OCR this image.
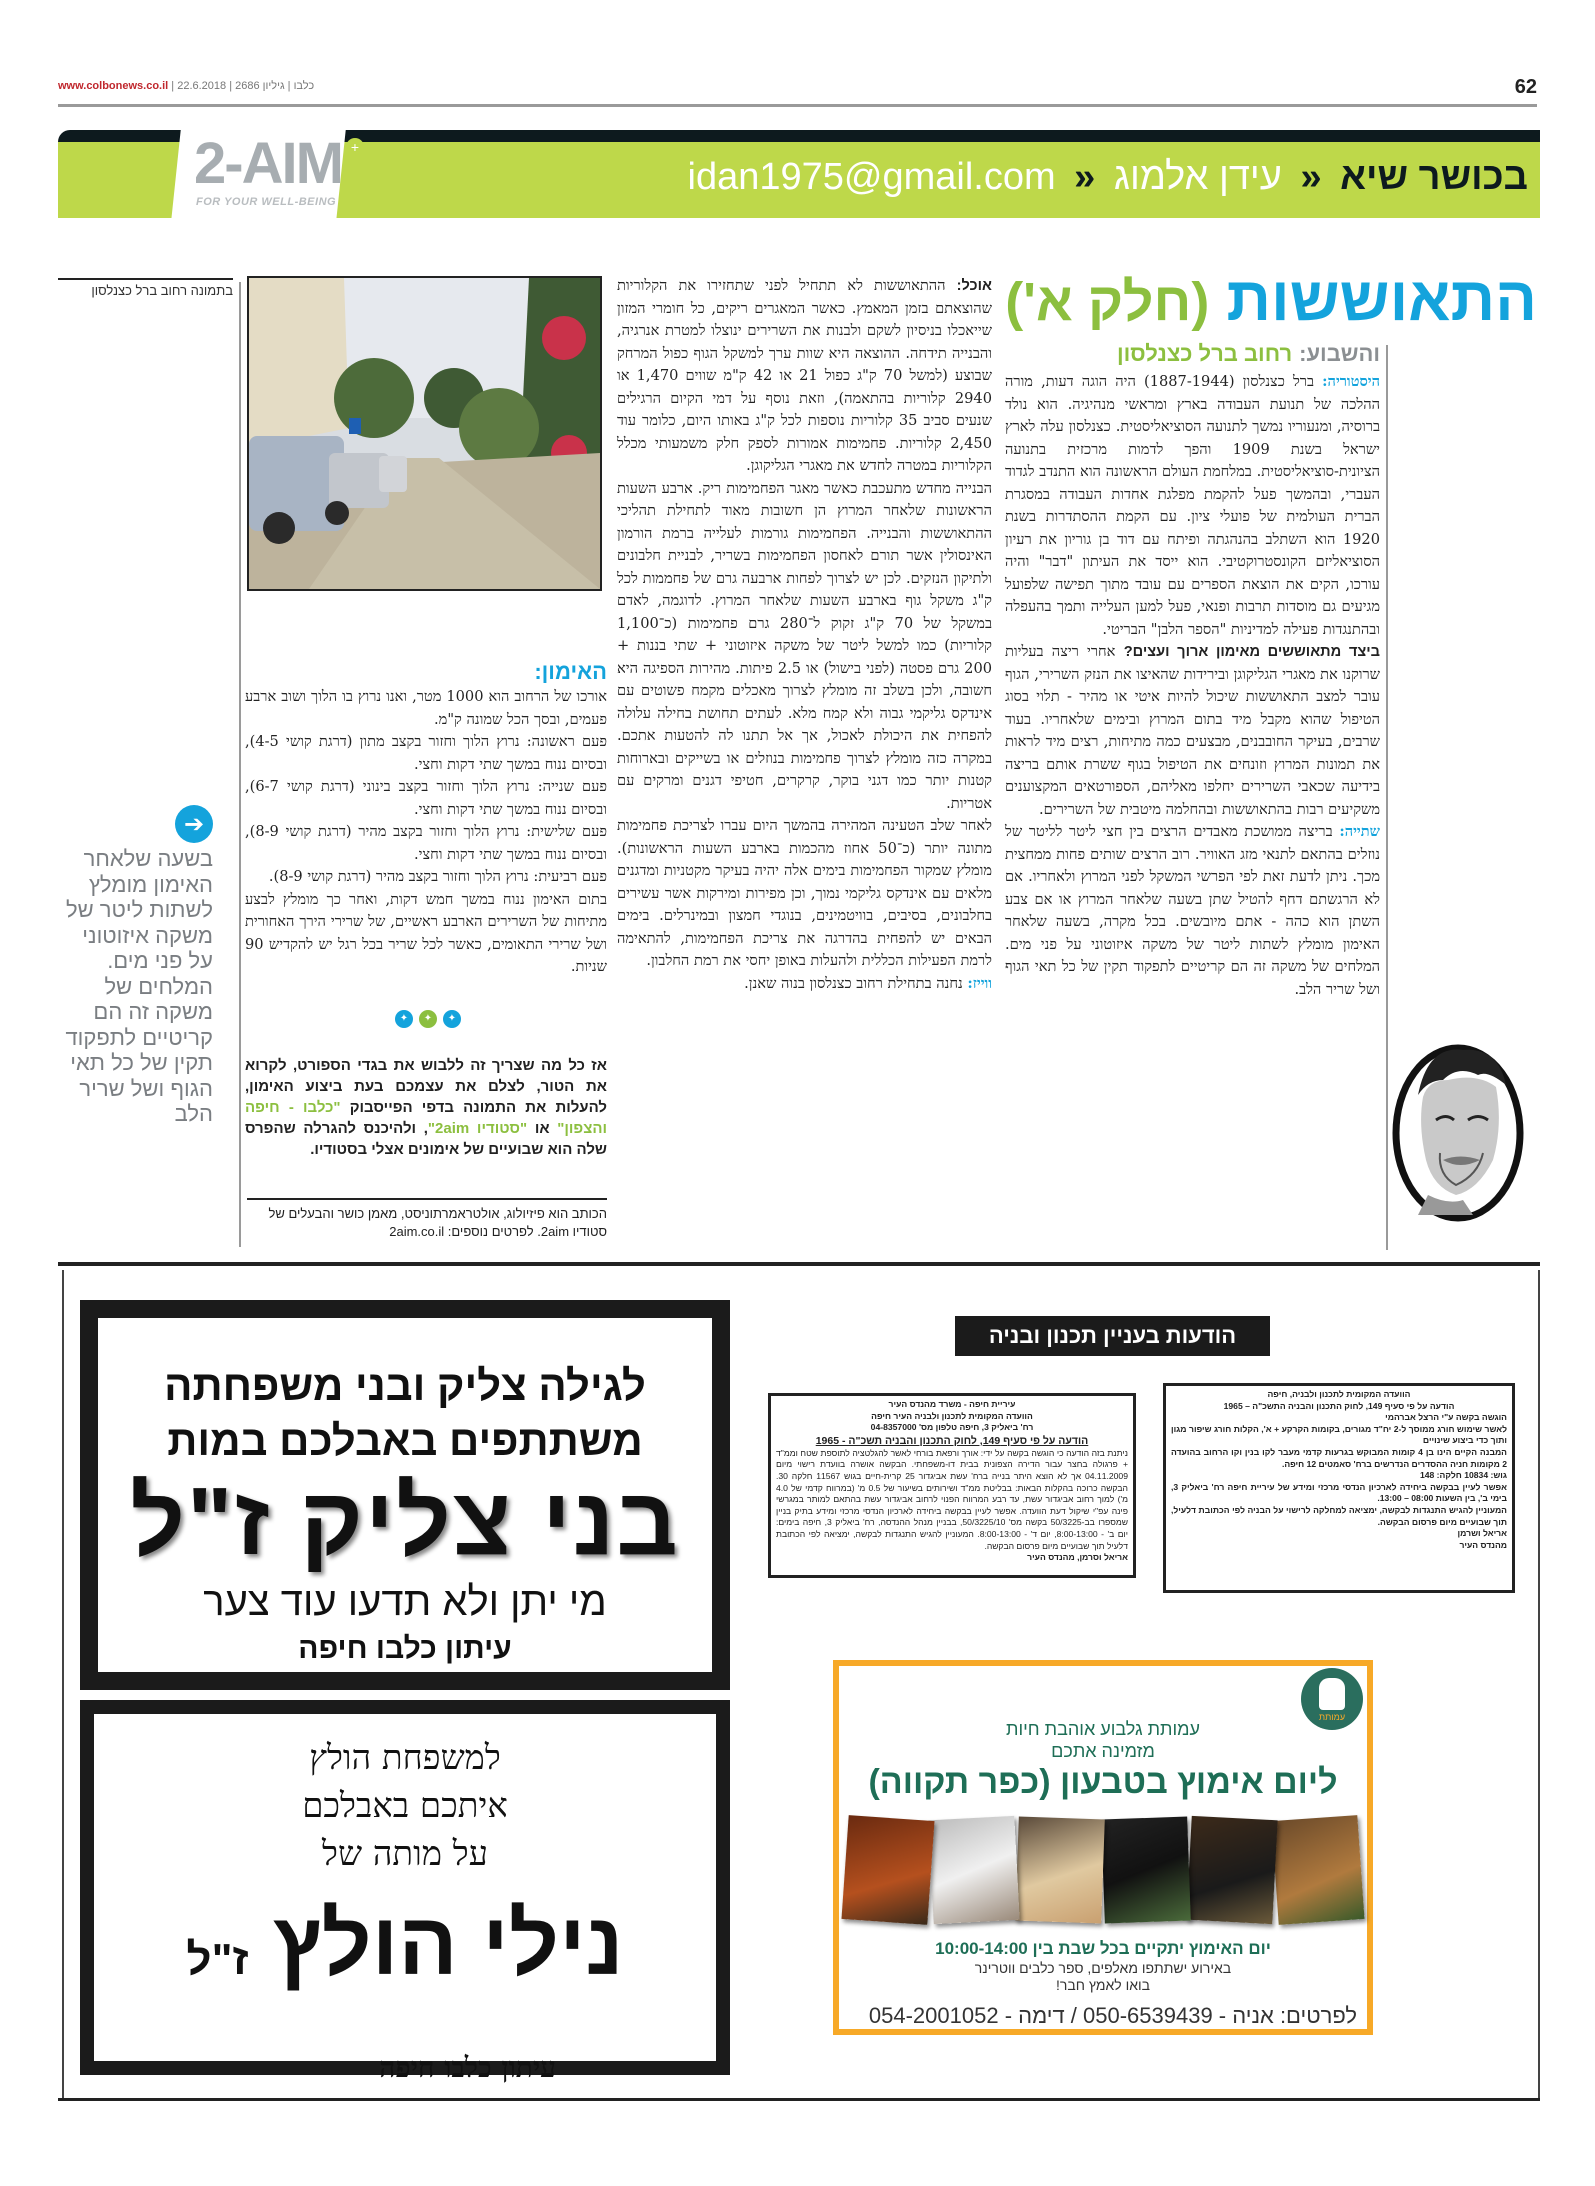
www.colbonews.co.il |	כלבו | גיליון 2686 | 22.6.2018	62
2-AIM +
FOR YOUR WELL-BEING
בכושר שיא « עידן אלמוג « idan1975@gmail.com
התאוששות (חלק א')
והשבוע: רחוב ברל כצנלסון

היסטוריה: ברל כצנלסון (1887-1944) היה הוגה דעות, מורה ההלכה של תנועת העבודה בארץ ומראשי מנהיגיה. הוא נולד ברוסיה, ומנעוריו נמשך לתנועה הסוציאליסטית. כצנלסון עלה לארץ ישראל בשנת 1909 והפך לדמות מרכזית בתנועה הציונית-סוציאליסטית. במלחמת העולם הראשונה הוא התנדב לגדוד העברי, ובהמשך פעל להקמת מפלגת אחדות העבודה במסגרת הברית העולמית של פועלי ציון. עם הקמת ההסתדרות בשנת 1920 הוא השתלב בהנהגתה ופיתח עם דוד בן גוריון את רעיון הסוציאליזם הקונסטרוקטיבי. הוא ייסד את העיתון "דבר" והיה עורכו, הקים את הוצאת הספרים עם עובד מתוך תפישה שלפועל מגיעים גם מוסדות תרבות ופנאי, פעל למען העלייה ותמך בהעפלה ובהתנגדות פעילה למדיניות "הספר הלבן" הבריטי.

ביצד מתאוששים מאימון ארוך ועצים? אחרי ריצה בעליות שרוקנו את מאגרי הגליקוגן ובירידות שהאיצו את הנזק השרירי, הגוף עובר למצב התאוששות שיכול להיות איטי או מהיר - תלוי בסוג הטיפול שהוא מקבל מיד בתום המרוץ ובימים שלאחריו. בעוד שרבים, בעיקר החובבנים, מבצעים כמה מתיחות, רצים מיד לראות את תמונות המרוץ וזונחים את הטיפול בגוף ששרת אותם בריצה בידיעה שכאבי השרירים יחלפו מאליהם, הספורטאים המקצוענים משקיעים רבות בהתאוששות ובהחלמה מיטבית של השרירים.

שתייה: בריצה ממושכת מאבדים הרצים בין חצי ליטר לליטר של נוזלים בהתאם לתנאי מזג האוויר. רוב הרצים שותים פחות ממחצית מכך. ניתן לדעת זאת לפי הפרשי המשקל לפני המרוץ ולאחריו. אם לא הרגשתם דחף להטיל שתן בשעה שלאחר המרוץ או אם צבע השתן הוא כהה - אתם מיובשים. בכל מקרה, בשעה שלאחר האימון מומלץ לשתות ליטר של משקה איזוטוני על פני מים. המלחים של משקה זה הם קריטיים לתפקוד תקין של כל תאי הגוף ושל שריר הלב.

אוכל: ההתאוששות לא תתחיל לפני שתחזירו את הקלוריות שהוצאתם בזמן המאמץ. כאשר המאגרים ריקים, כל חומרי המזון שייאכלו בניסיון לשקם ולבנות את השרירים ינוצלו למטרת אנרגיה, והבנייה תידחה. ההוצאה היא שוות ערך למשקל הגוף כפול המרחק שבוצע (למשל 70 ק"ג כפול 21 או 42 ק"מ שווים 1,470 או 2940 קלוריות בהתאמה), וזאת נוסף על דמי הקיום הרגילים שנעים סביב 35 קלוריות נוספות לכל ק"ג באותו היום, כלומר עוד 2,450 קלוריות. פחמימות אמורות לספק חלק משמעותי מכלל הקלוריות במטרה לחדש את מאגרי הגליקוגן.

הבנייה מחדש מתעכבת כאשר מאגר הפחמימות ריק. ארבע השעות הראשונות שלאחר המרוץ הן חשובות מאוד לתחילת תהליכי ההתאוששות והבנייה. הפחמימות גורמות לעלייה ברמת הורמון האינסולין אשר תורם לאחסון הפחמימות בשריר, לבניית חלבונים ולתיקון הנזקים. לכן יש לצרוך לפחות ארבעה גרם של פחממות לכל ק"ג משקל גוף בארבע השעות שלאחר המרוץ. לדוגמה, לאדם במשקל של 70 ק"ג זקוק ל־280 גרם פחמימות (כ־1,100 קלוריות) כמו למשל ליטר של משקה איזוטוני + שתי בננות + 200 גרם פסטה (לפני בישול) או 2.5 פיתות. מהירות הספיגה היא חשובה, ולכן בשלב זה מומלץ לצרוך מאכלים מקמח פשוטים עם אינדקס גליקמי גבוה ולא קמח מלא. לעתים תחושת בחילה עלולה להפחית את היכולת לאכול, אך אל תתנו לה להטעות אתכם. במקרה כזה מומלץ לצרוך פחמימות בנוזלים או בשייקים ובארוחות קטנות יותר כמו דגני בוקר, קרקרים, חטיפי דגנים ומרקים עם אטריות.

לאחר שלב הטעינה המהירה בהמשך היום עברו לצריכת פחמימות מתונה יותר (כ־50 אחוז מהכמות בארבע השעות הראשונות). מומלץ שמקור הפחמימות בימים אלה יהיה בעיקר מקטניות ומדגנים מלאים עם אינדקס גליקמי נמוך, וכן מפירות ומירקות אשר עשירים בחלבונים, בסיבים, בוויטמינים, בנוגדי חמצון ובמינרלים. בימים הבאים יש להפחית בהדרגה את צריכת הפחמימות, להתאימה לרמת הפעילות הכללית ולהעלות באופן יחסי את רמת החלבון.

ווייז: נחנה בתחילת רחוב כצנלסון בנוה שאנן.

בתמונה רחוב ברל כצנלסון
האימון:

אורכו של הרחוב הוא 1000 מטר, ואנו נרוץ בו הלוך ושוב ארבע פעמים, ובסך הכל שמונה ק"מ.

פעם ראשונה: נרוץ הלוך וחזור בקצב מתון (דרגת קושי 4-5), ובסיום ננוח במשך שתי דקות וחצי.

פעם שנייה: נרוץ הלוך וחזור בקצב בינוני (דרגת קושי 6-7), ובסיום ננוח במשך שתי דקות וחצי.

פעם שלישית: נרוץ הלוך וחזור בקצב מהיר (דרגת קושי 8-9), ובסיום ננוח במשך שתי דקות וחצי.

פעם רביעית: נרוץ הלוך וחזור בקצב מהיר (דרגת קושי 8-9).

בתום האימון ננוח במשך חמש דקות, ואחר כך מומלץ לבצע מתיחות של השרירים הארבע ראשיים, של שרירי הירך האחורית ושל שרירי התאומים, כאשר לכל שריר בכל רגל יש להקדיש 90 שניות.

✦	✦	✦
אז כל מה שצריך זה ללבוש את בגדי הספורט, לקרוא את הטור, לצלם את עצמכם בעת ביצוע האימון, להעלות את התמונה בדפי הפייסבוק "כלבו - חיפה והצפון" או "סטודיו 2aim", ולהיכנס להגרלה שהפרס שלה הוא שבועיים של אימונים אצלי בסטודיו.
הכותב הוא פיזיולוג, אולטראמרתוניסט, מאמן כושר והבעלים של סטודיו 2aim. לפרטים נוספים: 2aim.co.il
➔
בשעה שלאחר האימון מומלץ לשתות ליטר של משקה איזוטוני על פני מים. המלחים של משקה זה הם קריטיים לתפקוד תקין של כל תאי הגוף ושל שריר הלב
לגילה צליק ובני משפחתה
משתתפים באבלכם במות
בני צליק ז"ל
מי יתן ולא תדעו עוד צער
עיתון כלבו חיפה
למשפחת הולץ
איתכם באבלכם
על מותה של
נילי הולץ ז"ל
עיתון כלבו חיפה
הודעות בעניין תכנון ובניה
הוועדה המקומית לתכנון ולבניה, חיפה
הודעה על פי סעיף 149, לחוק התכנון והבניה התשכ"ה – 1965
הוגשה בקשה ע"י הרצל אברהמי
לאשר שימוש חורג ממוסך ל-2 יח"ד מגורים, בקומות הקרקע + א', הקלות חורג שיפור מגון ותוך כדי ביצוע שינויים
המבנה הקיים הינו בן 4 קומות המבוקש בגרעות קדמי מעבר לקו בנין וקו הרחוב בהועדה 2 מקומות חניה ההסדרים הנדרשים ברח' סאמטים 12 חיפה.
גוש: 10834 חלקה: 148
אפשר לעיין בבקשה ביחידה לארכיון הנדסי מרכזי ומידע של עיריית חיפה רח' ביאליק 3, בימי ב', בין השעות 08:00 – 13:00.
המעוניין להגיש התנגדות לבקשה, ימציאה למחלקה לרישוי על הבניה לפי הכתובת דלעיל, תוך שבועיים מיום פרסום הבקשה.
אריאל ושרמן
מהנדס העיר
עיריית חיפה - משרד מהנדס העיר
הוועדה המקומית לתכנון ולבניה העיר חיפה
רח' ביאליק 3, חיפה טלפון מס' 04-8357000
הודעה על פי סעיף 149, לחוק התכנון והבניה תשכ"ה - 1965
ניתנת בזה הודעה כי הוגשה בקשה על ידי: אורך ורפאת בורחי לאשר להגלטציה לתוספת שטח וממ"ד + פרגולה בחצר עבור הדירה הצפונית בבית דו-משפחתי. הבקשה אושרה בוועדת רישוי מיום 04.11.2009 אך לא הוצא היתר בנייה ברח' עשת אביגדור 25 קרית-חיים בגוש 11567 חלקה 30. הבקשה כרוכה בהקלות הבאות: בבליטת ממ"ד ושירותים בשיעור של 0.5 מ' (במרווח קדמי של 4.0 מ') למוך רחוב אביגדור עשת, עד רבע המרווח הפנוי לרחוב אביגדור עשת בהתאם למותר במגרשי פינה עפ"י שיקול דעת הוועדה. אפשר לעיין בבקשה ביחידה לארכיון הנדסי מרכזי ומידע בתיק בניין שמספרו בב-50/3225 בקשה מס' 50/3225/10, בבניין מנהל ההנדסה, רח' ביאליק 3, חיפה בימים: יום ב' - 8:00-13:00, יום ד' - 8:00-13:00. המעוניין להגיש התנגדות לבקשה, ימציאה לפי הכתובת דלעיל תוך שבועיים מיום פרסום הבקשה.
אריאל וסרמן, מהנדס העיר
עמותת
עמותת גלבוע אוהבת חיות
מזמינה אתכם
ליום אימוץ בטבעון (כפר תקווה)
יום האימוץ יתקיים בכל שבת בין 10:00-14:00
באירוע ישתתפו מאלפים, ספר כלבים ווטרינר
בואו לאמץ חבר!
לפרטים: אניה - 050-6539439 / דימה - 054-2001052
